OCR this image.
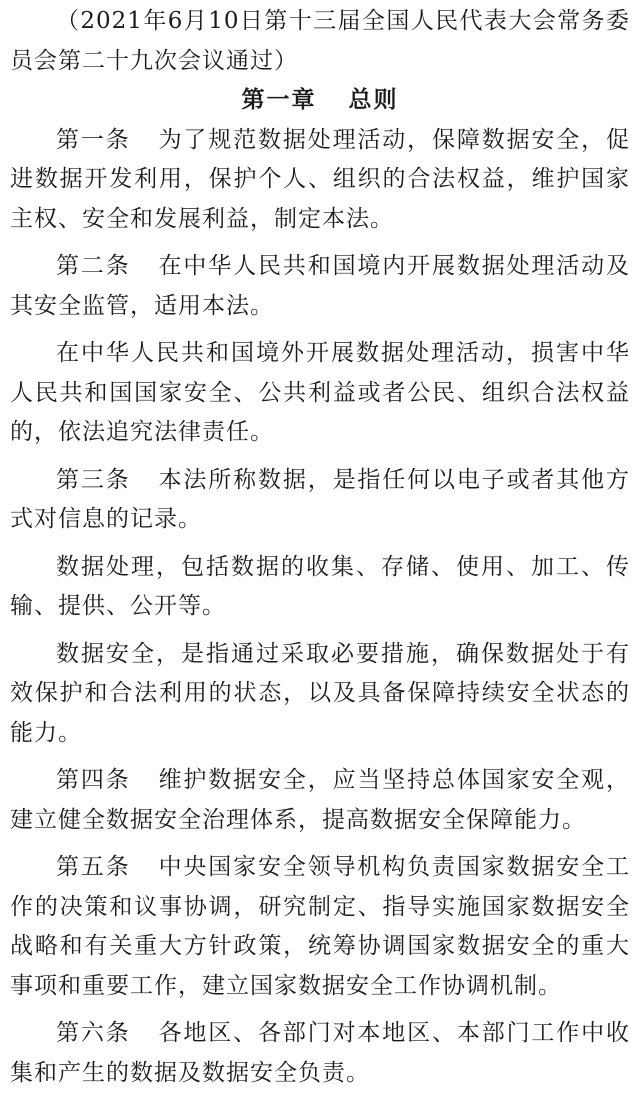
（2021年6月10日第十三届全国人民代表大会常务委员会第二十九次会议通过）

第一章 总则

第一条 为了规范数据处理活动，保障数据安全，促进数据开发利用，保护个人、组织的合法权益，维护国家主权、安全和发展利益，制定本法。

第二条 在中华人民共和国境内开展数据处理活动及其安全监管，适用本法。

在中华人民共和国境外开展数据处理活动，损害中华人民共和国国家安全、公共利益或者公民、组织合法权益的，依法追究法律责任。

第三条 本法所称数据，是指任何以电子或者其他方式对信息的记录。

数据处理，包括数据的收集、存储、使用、加工、传输、提供、公开等。

数据安全，是指通过采取必要措施，确保数据处于有效保护和合法利用的状态，以及具备保障持续安全状态的能力。

第四条 维护数据安全，应当坚持总体国家安全观，建立健全数据安全治理体系，提高数据安全保障能力。

第五条 中央国家安全领导机构负责国家数据安全工作的决策和议事协调，研究制定、指导实施国家数据安全战略和有关重大方针政策，统筹协调国家数据安全的重大事项和重要工作，建立国家数据安全工作协调机制。

第六条 各地区、各部门对本地区、本部门工作中收集和产生的数据及数据安全负责。
